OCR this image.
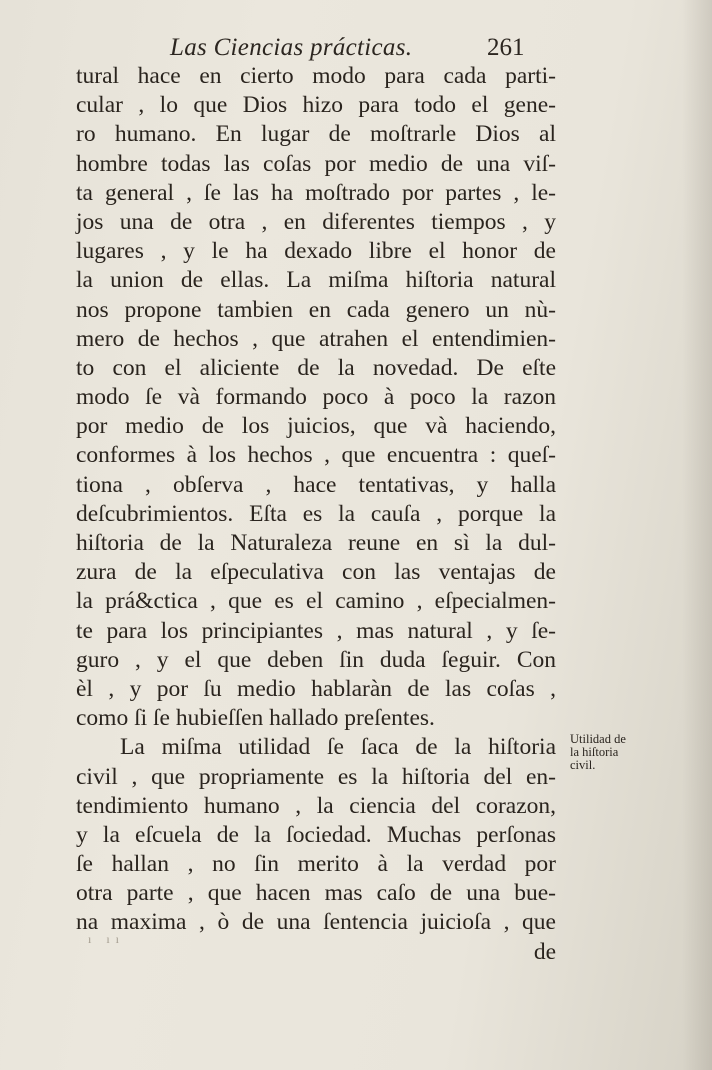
Las Ciencias prácticas.	261
tural hace en cierto modo para cada parti-
cular , lo que Dios hizo para todo el gene-
ro humano. En lugar de moſtrarle Dios al
hombre todas las coſas por medio de una viſ-
ta general , ſe las ha moſtrado por partes , le-
jos una de otra , en diferentes tiempos , y
lugares , y le ha dexado libre el honor de
la union de ellas. La miſma hiſtoria natural
nos propone tambien en cada genero un nù-
mero de hechos , que atrahen el entendimien-
to con el aliciente de la novedad. De eſte
modo ſe và formando poco à poco la razon
por medio de los juicios, que và haciendo,
conformes à los hechos , que encuentra : queſ-
tiona , obſerva , hace tentativas, y halla
deſcubrimientos. Eſta es la cauſa , porque la
hiſtoria de la Naturaleza reune en sì la dul-
zura de la eſpeculativa con las ventajas de
la prá&ctica , que es el camino , eſpecialmen-
te para los principiantes , mas natural , y ſe-
guro , y el que deben ſin duda ſeguir. Con
èl , y por ſu medio hablaràn de las coſas ,
como ſi ſe hubieſſen hallado preſentes.
La miſma utilidad ſe ſaca de la hiſtoria
civil , que propriamente es la hiſtoria del en-
tendimiento humano , la ciencia del corazon,
y la eſcuela de la ſociedad. Muchas perſonas
ſe hallan , no ſin merito à la verdad por
otra parte , que hacen mas caſo de una bue-
na maxima , ò de una ſentencia juicioſa , que
de
Utilidad de
la hiſtoria
civil.
ı ıı
